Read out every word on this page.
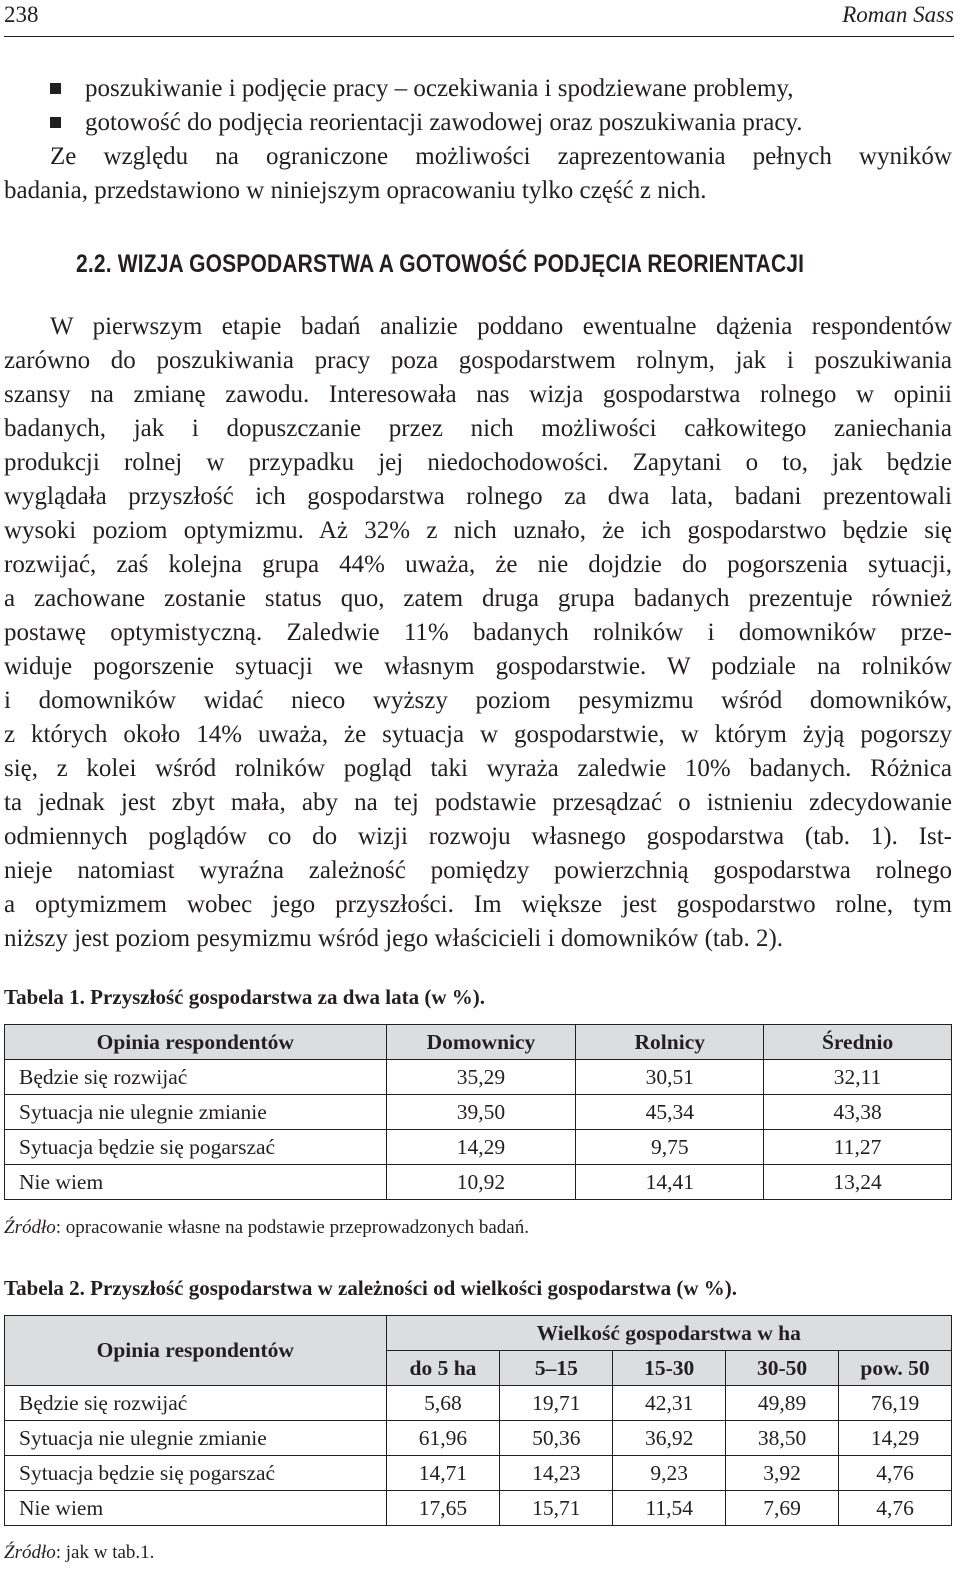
238	Roman Sass
poszukiwanie i podjęcie pracy – oczekiwania i spodziewane problemy,
gotowość do podjęcia reorientacji zawodowej oraz poszukiwania pracy.
Ze względu na ograniczone możliwości zaprezentowania pełnych wyników
badania, przedstawiono w niniejszym opracowaniu tylko część z nich.
2.2. WIZJA GOSPODARSTWA A GOTOWOŚĆ PODJĘCIA REORIENTACJI
W pierwszym etapie badań analizie poddano ewentualne dążenia respondentów
zarówno do poszukiwania pracy poza gospodarstwem rolnym, jak i poszukiwania
szansy na zmianę zawodu. Interesowała nas wizja gospodarstwa rolnego w opinii
badanych, jak i dopuszczanie przez nich możliwości całkowitego zaniechania
produkcji rolnej w przypadku jej niedochodowości. Zapytani o to, jak będzie
wyglądała przyszłość ich gospodarstwa rolnego za dwa lata, badani prezentowali
wysoki poziom optymizmu. Aż 32% z nich uznało, że ich gospodarstwo będzie się
rozwijać, zaś kolejna grupa 44% uważa, że nie dojdzie do pogorszenia sytuacji,
a zachowane zostanie status quo, zatem druga grupa badanych prezentuje również
postawę optymistyczną. Zaledwie 11% badanych rolników i domowników prze-
widuje pogorszenie sytuacji we własnym gospodarstwie. W podziale na rolników
i domowników widać nieco wyższy poziom pesymizmu wśród domowników,
z których około 14% uważa, że sytuacja w gospodarstwie, w którym żyją pogorszy
się, z kolei wśród rolników pogląd taki wyraża zaledwie 10% badanych. Różnica
ta jednak jest zbyt mała, aby na tej podstawie przesądzać o istnieniu zdecydowanie
odmiennych poglądów co do wizji rozwoju własnego gospodarstwa (tab. 1). Ist-
nieje natomiast wyraźna zależność pomiędzy powierzchnią gospodarstwa rolnego
a optymizmem wobec jego przyszłości. Im większe jest gospodarstwo rolne, tym
niższy jest poziom pesymizmu wśród jego właścicieli i domowników (tab. 2).
Tabela 1. Przyszłość gospodarstwa za dwa lata (w %).
Opinia respondentów	Domownicy	Rolnicy	Średnio
Będzie się rozwijać	35,29	30,51	32,11
Sytuacja nie ulegnie zmianie	39,50	45,34	43,38
Sytuacja będzie się pogarszać	14,29	9,75	11,27
Nie wiem	10,92	14,41	13,24
Źródło: opracowanie własne na podstawie przeprowadzonych badań.
Tabela 2. Przyszłość gospodarstwa w zależności od wielkości gospodarstwa (w %).
Opinia respondentów	Wielkość gospodarstwa w ha				
	do 5 ha	5–15	15-30	30-50	pow. 50
Będzie się rozwijać	5,68	19,71	42,31	49,89	76,19
Sytuacja nie ulegnie zmianie	61,96	50,36	36,92	38,50	14,29
Sytuacja będzie się pogarszać	14,71	14,23	9,23	3,92	4,76
Nie wiem	17,65	15,71	11,54	7,69	4,76
Źródło: jak w tab.1.
